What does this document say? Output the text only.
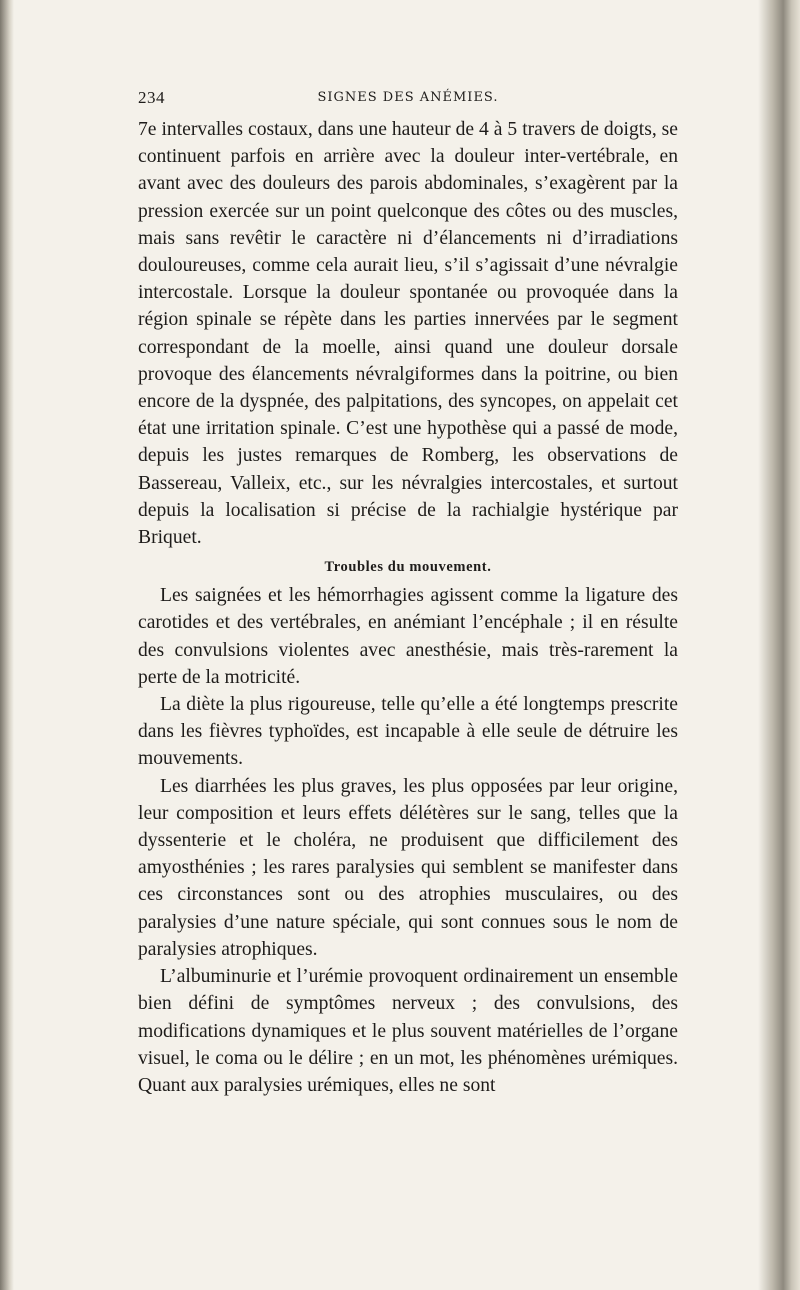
234	SIGNES DES ANÉMIES.

7e intervalles costaux, dans une hauteur de 4 à 5 travers de doigts, se continuent parfois en arrière avec la douleur inter-vertébrale, en avant avec des douleurs des parois abdominales, s’exagèrent par la pression exercée sur un point quelconque des côtes ou des muscles, mais sans revêtir le caractère ni d’élancements ni d’irradiations douloureuses, comme cela aurait lieu, s’il s’agissait d’une névralgie intercostale. Lorsque la douleur spontanée ou provoquée dans la région spinale se répète dans les parties innervées par le segment correspondant de la moelle, ainsi quand une douleur dorsale provoque des élancements névralgiformes dans la poitrine, ou bien encore de la dyspnée, des palpitations, des syncopes, on appelait cet état une irritation spinale. C’est une hypothèse qui a passé de mode, depuis les justes remarques de Romberg, les observations de Bassereau, Valleix, etc., sur les névralgies intercostales, et surtout depuis la localisation si précise de la rachialgie hystérique par Briquet.

Troubles du mouvement.

Les saignées et les hémorrhagies agissent comme la ligature des carotides et des vertébrales, en anémiant l’encéphale ; il en résulte des convulsions violentes avec anesthésie, mais très-rarement la perte de la motricité.

La diète la plus rigoureuse, telle qu’elle a été longtemps prescrite dans les fièvres typhoïdes, est incapable à elle seule de détruire les mouvements.

Les diarrhées les plus graves, les plus opposées par leur origine, leur composition et leurs effets délétères sur le sang, telles que la dyssenterie et le choléra, ne produisent que difficilement des amyosthénies ; les rares paralysies qui semblent se manifester dans ces circonstances sont ou des atrophies musculaires, ou des paralysies d’une nature spéciale, qui sont connues sous le nom de paralysies atrophiques.

L’albuminurie et l’urémie provoquent ordinairement un ensemble bien défini de symptômes nerveux ; des convulsions, des modifications dynamiques et le plus souvent matérielles de l’organe visuel, le coma ou le délire ; en un mot, les phénomènes urémiques. Quant aux paralysies urémiques, elles ne sont
